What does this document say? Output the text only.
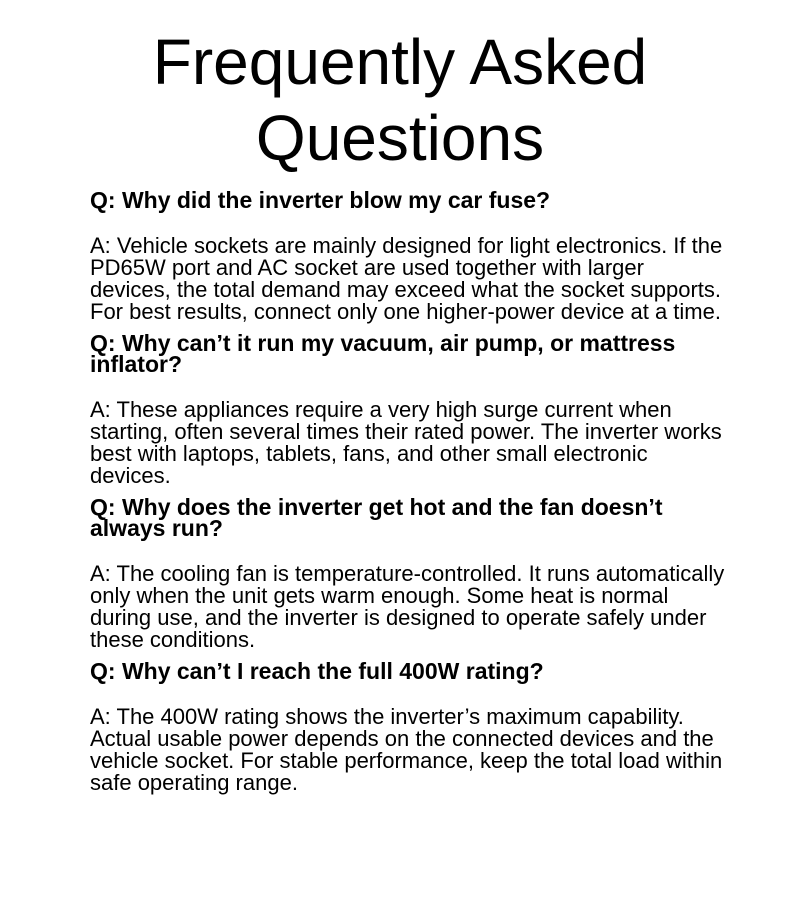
Frequently Asked
Questions

Q: Why did the inverter blow my car fuse?

A: Vehicle sockets are mainly designed for light electronics. If the PD65W port and AC socket are used together with larger devices, the total demand may exceed what the socket supports. For best results, connect only one higher-power device at a time.

Q: Why can’t it run my vacuum, air pump, or mattress inflator?

A: These appliances require a very high surge current when starting, often several times their rated power. The inverter works best with laptops, tablets, fans, and other small electronic devices.

Q: Why does the inverter get hot and the fan doesn’t always run?

A: The cooling fan is temperature-controlled. It runs automatically only when the unit gets warm enough. Some heat is normal during use, and the inverter is designed to operate safely under these conditions.

Q: Why can’t I reach the full 400W rating?

A: The 400W rating shows the inverter’s maximum capability. Actual usable power depends on the connected devices and the vehicle socket. For stable performance, keep the total load within safe operating range.
